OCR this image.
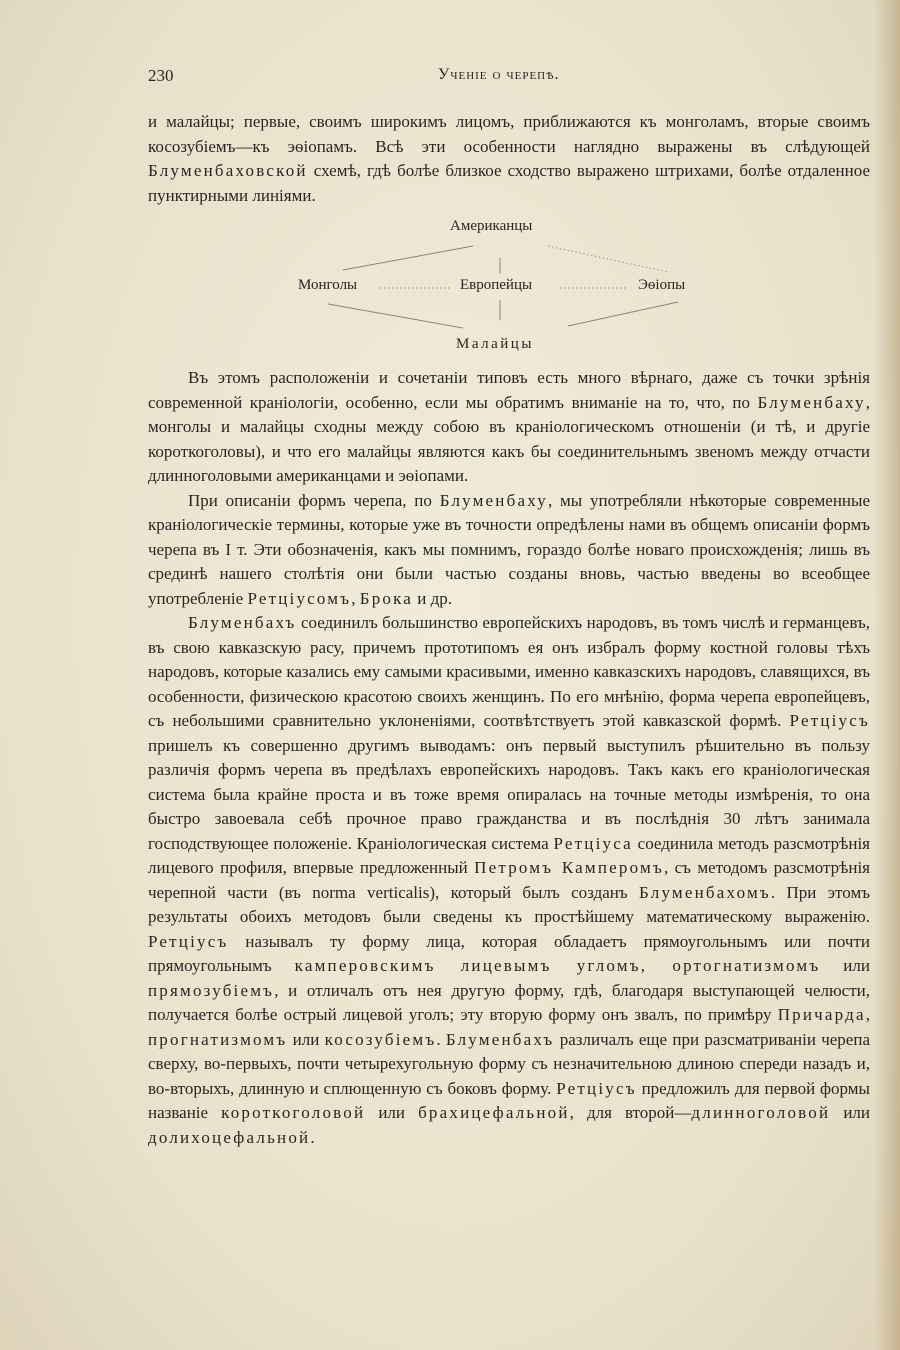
230	Ученіе о черепѣ.

и малайцы; первые, своимъ широкимъ лицомъ, приближаются къ монголамъ, вторые своимъ косозубіемъ—къ эѳіопамъ. Всѣ эти особенности наглядно выражены въ слѣдующей Блуменбаховской схемѣ, гдѣ болѣе близкое сходство выражено штрихами, болѣе отдаленное пунктирными линіями.

Американцы
Монголы	Европейцы	Эѳіопы
Малайцы

Въ этомъ расположеніи и сочетаніи типовъ есть много вѣрнаго, даже съ точки зрѣнія современной краніологіи, особенно, если мы обратимъ вниманіе на то, что, по Блуменбаху, монголы и малайцы сходны между собою въ краніологическомъ отношеніи (и тѣ, и другіе короткоголовы), и что его малайцы являются какъ бы соединительнымъ звеномъ между отчасти длинноголовыми американцами и эѳіопами.

При описаніи формъ черепа, по Блуменбаху, мы употребляли нѣкоторые современные краніологическіе термины, которые уже въ точности опредѣлены нами въ общемъ описаніи формъ черепа въ I т. Эти обозначенія, какъ мы помнимъ, гораздо болѣе новаго происхожденія; лишь въ срединѣ нашего столѣтія они были частью созданы вновь, частью введены во всеобщее употребленіе Ретціусомъ, Брока и др.

Блуменбахъ соединилъ большинство европейскихъ народовъ, въ томъ числѣ и германцевъ, въ свою кавказскую расу, причемъ прототипомъ ея онъ избралъ форму костной головы тѣхъ народовъ, которые казались ему самыми красивыми, именно кавказскихъ народовъ, славящихся, въ особенности, физическою красотою своихъ женщинъ. По его мнѣнію, форма черепа европейцевъ, съ небольшими сравнительно уклоненіями, соотвѣтствуетъ этой кавказской формѣ. Ретціусъ пришелъ къ совершенно другимъ выводамъ: онъ первый выступилъ рѣшительно въ пользу различія формъ черепа въ предѣлахъ европейскихъ народовъ. Такъ какъ его краніологическая система была крайне проста и въ тоже время опиралась на точные методы измѣренія, то она быстро завоевала себѣ прочное право гражданства и въ послѣднія 30 лѣтъ занимала господствующее положеніе. Краніологическая система Ретціуса соединила методъ разсмотрѣнія лицевого профиля, впервые предложенный Петромъ Камперомъ, съ методомъ разсмотрѣнія черепной части (въ norma verticalis), который былъ созданъ Блуменбахомъ. При этомъ результаты обоихъ методовъ были сведены къ простѣйшему математическому выраженію. Ретціусъ называлъ ту форму лица, которая обладаетъ прямоугольнымъ или почти прямоугольнымъ камперовскимъ лицевымъ угломъ, ортогнатизмомъ или прямозубіемъ, и отличалъ отъ нея другую форму, гдѣ, благодаря выступающей челюсти, получается болѣе острый лицевой уголъ; эту вторую форму онъ звалъ, по примѣру Причарда, прогнатизмомъ или косозубіемъ. Блуменбахъ различалъ еще при разсматриваніи черепа сверху, во-первыхъ, почти четырехугольную форму съ незначительною длиною спереди назадъ и, во-вторыхъ, длинную и сплющенную съ боковъ форму. Ретціусъ предложилъ для первой формы названіе короткоголовой или брахицефальной, для второй—длинноголовой или долихоцефальной.
